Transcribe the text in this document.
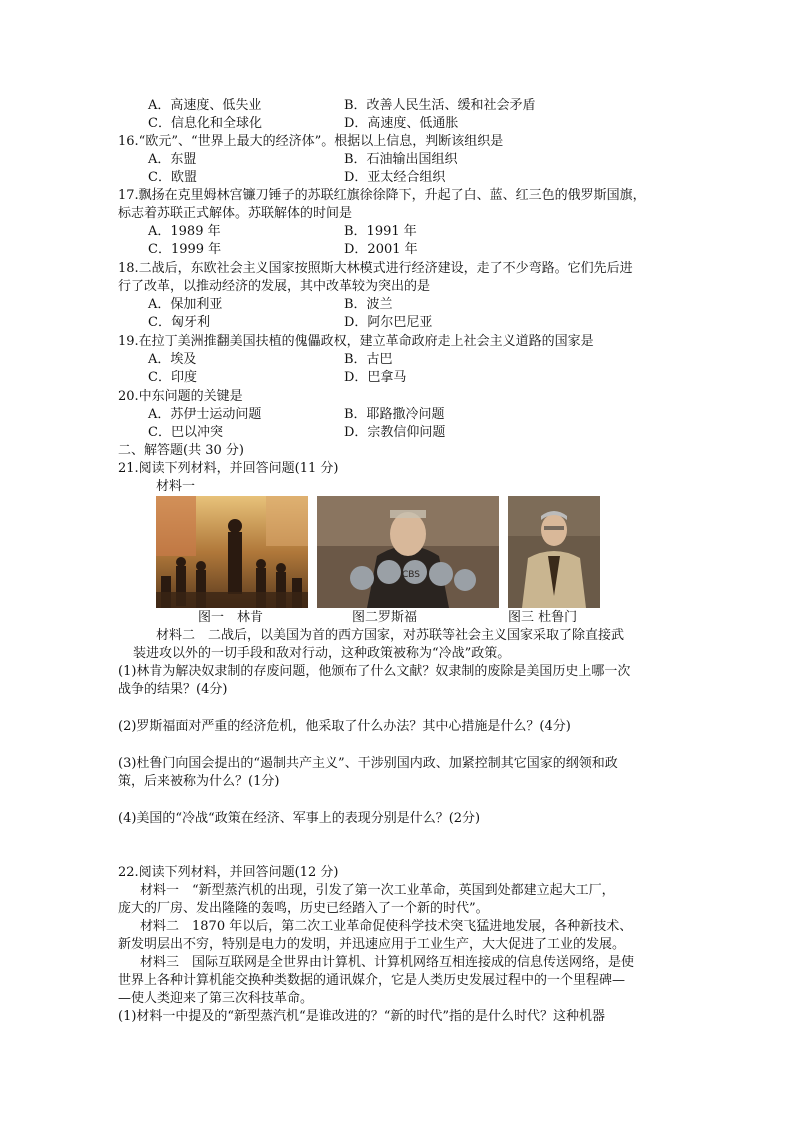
A．高速度、低失业	B．改善人民生活、缓和社会矛盾
C．信息化和全球化	D．高速度、低通胀
16.“欧元”、“世界上最大的经济体”。根据以上信息，判断该组织是
A．东盟	B．石油输出国组织
C．欧盟	D．亚太经合组织
17.飘扬在克里姆林宫镰刀锤子的苏联红旗徐徐降下，升起了白、蓝、红三色的俄罗斯国旗，
标志着苏联正式解体。苏联解体的时间是
A．1989 年	B．1991 年
C．1999 年	D．2001 年
18.二战后，东欧社会主义国家按照斯大林模式进行经济建设，走了不少弯路。它们先后进
行了改革，以推动经济的发展，其中改革较为突出的是
A．保加利亚	B．波兰
C．匈牙利	D．阿尔巴尼亚
19.在拉丁美洲推翻美国扶植的傀儡政权，建立革命政府走上社会主义道路的国家是
A．埃及	B．古巴
C．印度	D．巴拿马
20.中东问题的关键是
A．苏伊士运动问题	B．耶路撒冷问题
C．巴以冲突	D．宗教信仰问题
二、解答题(共 30 分)
21.阅读下列材料，并回答问题(11 分)
材料一
CBS
图一　林肯	图二罗斯福	图三 杜鲁门
材料二　二战后，以美国为首的西方国家，对苏联等社会主义国家采取了除直接武
装进攻以外的一切手段和敌对行动，这种政策被称为“冷战”政策。
(1)林肯为解决奴隶制的存废问题，他颁布了什么文献？奴隶制的废除是美国历史上哪一次
战争的结果？(4分)
(2)罗斯福面对严重的经济危机，他采取了什么办法？其中心措施是什么？(4分)
(3)杜鲁门向国会提出的“遏制共产主义”、干涉别国内政、加紧控制其它国家的纲领和政
策，后来被称为什么？(1分)
(4)美国的“冷战“政策在经济、军事上的表现分别是什么？(2分)
22.阅读下列材料，并回答问题(12 分)
材料一　“新型蒸汽机的出现，引发了第一次工业革命，英国到处都建立起大工厂，
庞大的厂房、发出隆隆的轰鸣，历史已经踏入了一个新的时代”。
材料二　1870 年以后，第二次工业革命促使科学技术突飞猛进地发展，各种新技术、
新发明层出不穷，特别是电力的发明，并迅速应用于工业生产，大大促进了工业的发展。
材料三　国际互联网是全世界由计算机、计算机网络互相连接成的信息传送网络，是使
世界上各种计算机能交换种类数据的通讯媒介，它是人类历史发展过程中的一个里程碑—
—使人类迎来了第三次科技革命。
(1)材料一中提及的“新型蒸汽机“是谁改进的？“新的时代”指的是什么时代？这种机器
